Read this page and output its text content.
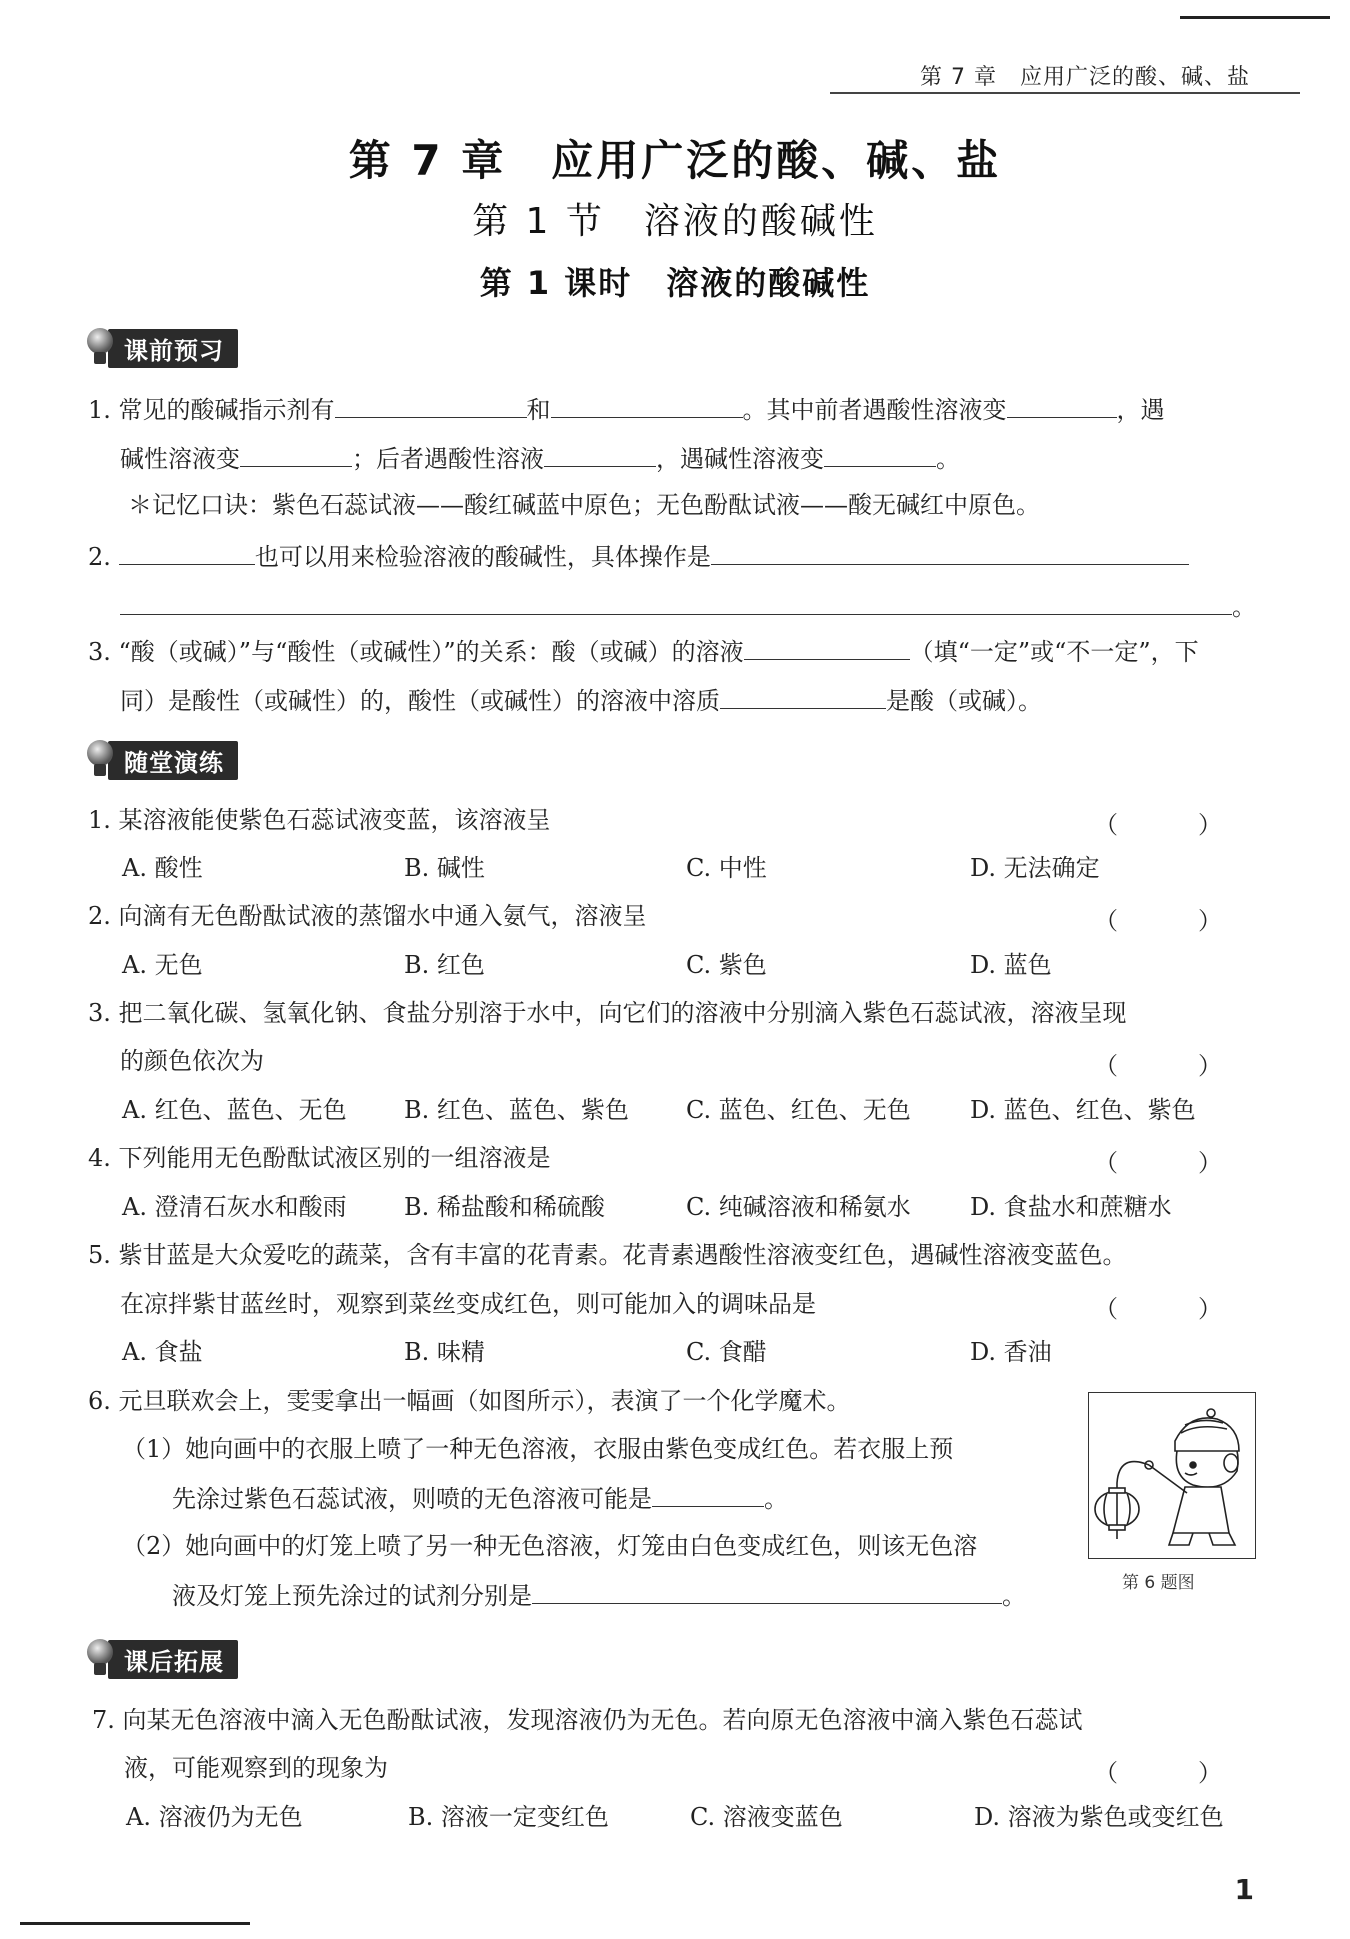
第 7 章　应用广泛的酸、碱、盐
第 7 章　应用广泛的酸、碱、盐
第 1 节　溶液的酸碱性
第 1 课时　溶液的酸碱性
课前预习
1. 常见的酸碱指示剂有	和	。其中前者遇酸性溶液变	，遇
碱性溶液变	；后者遇酸性溶液	，遇碱性溶液变	。
＊记忆口诀：紫色石蕊试液——酸红碱蓝中原色；无色酚酞试液——酸无碱红中原色。
2.	也可以用来检验溶液的酸碱性，具体操作是
。
3. “酸（或碱）”与“酸性（或碱性）”的关系：酸（或碱）的溶液	（填“一定”或“不一定”，下
同）是酸性（或碱性）的，酸性（或碱性）的溶液中溶质	是酸（或碱）。
随堂演练
1. 某溶液能使紫色石蕊试液变蓝，该溶液呈	（　）
A. 酸性	B. 碱性	C. 中性	D. 无法确定
2. 向滴有无色酚酞试液的蒸馏水中通入氨气，溶液呈	（　）
A. 无色	B. 红色	C. 紫色	D. 蓝色
3. 把二氧化碳、氢氧化钠、食盐分别溶于水中，向它们的溶液中分别滴入紫色石蕊试液，溶液呈现
的颜色依次为	（　）
A. 红色、蓝色、无色 B. 红色、蓝色、紫色 C. 蓝色、红色、无色 D. 蓝色、红色、紫色
4. 下列能用无色酚酞试液区别的一组溶液是	（　）
A. 澄清石灰水和酸雨 B. 稀盐酸和稀硫酸	C. 纯碱溶液和稀氨水 D. 食盐水和蔗糖水
5. 紫甘蓝是大众爱吃的蔬菜，含有丰富的花青素。花青素遇酸性溶液变红色，遇碱性溶液变蓝色。
在凉拌紫甘蓝丝时，观察到菜丝变成红色，则可能加入的调味品是	（　）
A. 食盐	B. 味精	C. 食醋	D. 香油
6. 元旦联欢会上，雯雯拿出一幅画（如图所示），表演了一个化学魔术。
（1）她向画中的衣服上喷了一种无色溶液，衣服由紫色变成红色。若衣服上预
先涂过紫色石蕊试液，则喷的无色溶液可能是	。
（2）她向画中的灯笼上喷了另一种无色溶液，灯笼由白色变成红色，则该无色溶
液及灯笼上预先涂过的试剂分别是	。	第 6 题图
课后拓展
7. 向某无色溶液中滴入无色酚酞试液，发现溶液仍为无色。若向原无色溶液中滴入紫色石蕊试
液，可能观察到的现象为	（　）
A. 溶液仍为无色	B. 溶液一定变红色	C. 溶液变蓝色	D. 溶液为紫色或变红色
1
